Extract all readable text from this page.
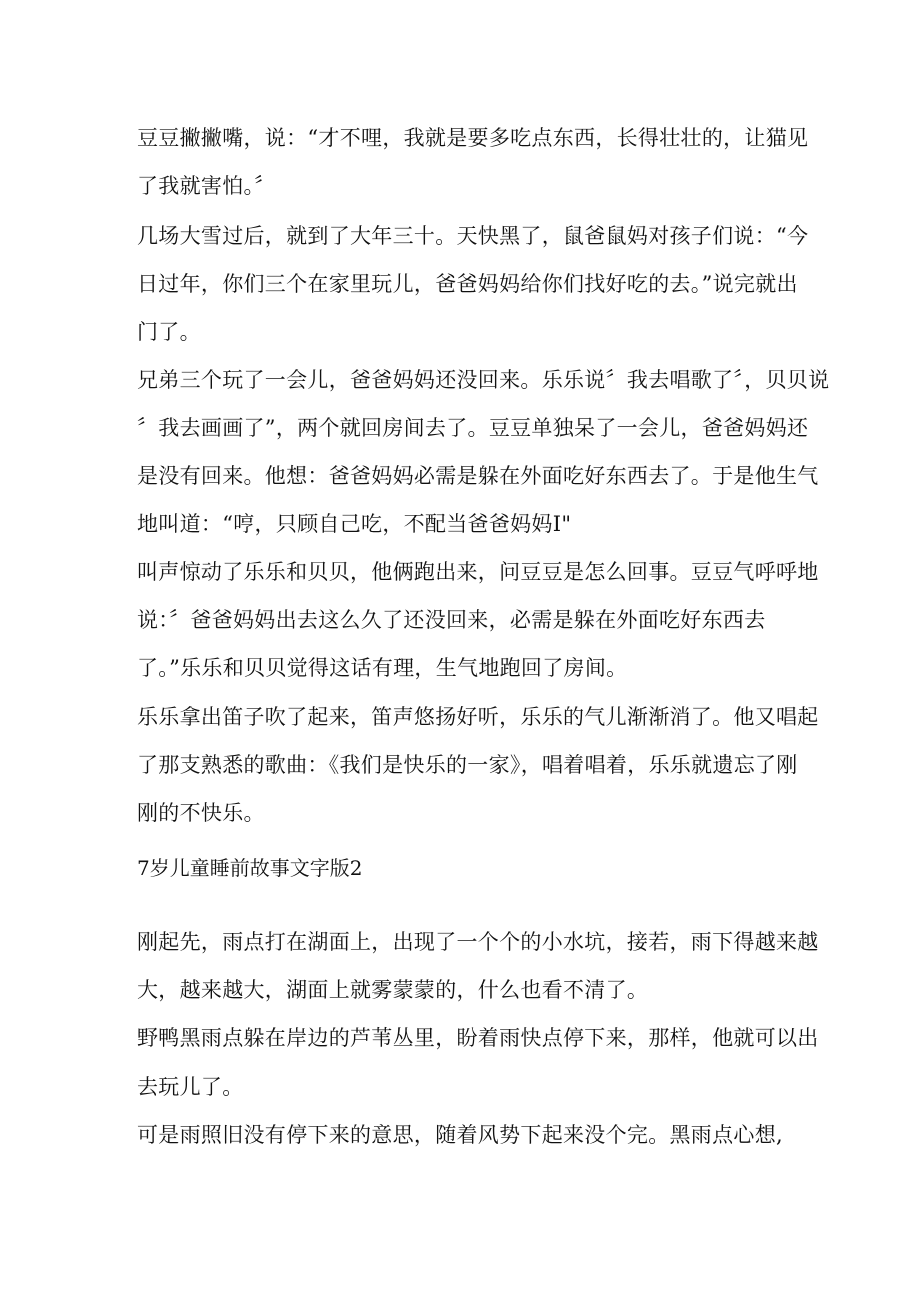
豆豆撇撇嘴，说：“才不哩，我就是要多吃点东西，长得壮壮的，让猫见
了我就害怕。〞
几场大雪过后，就到了大年三十。天快黑了，鼠爸鼠妈对孩子们说：“今
日过年，你们三个在家里玩儿，爸爸妈妈给你们找好吃的去。”说完就出
门了。
兄弟三个玩了一会儿，爸爸妈妈还没回来。乐乐说〞我去唱歌了〞，贝贝说
〞我去画画了”，两个就回房间去了。豆豆单独呆了一会儿，爸爸妈妈还
是没有回来。他想：爸爸妈妈必需是躲在外面吃好东西去了。于是他生气
地叫道：“哼，只顾自己吃，不配当爸爸妈妈I"
叫声惊动了乐乐和贝贝，他俩跑出来，问豆豆是怎么回事。豆豆气呼呼地
说：〞爸爸妈妈出去这么久了还没回来，必需是躲在外面吃好东西去
了。”乐乐和贝贝觉得这话有理，生气地跑回了房间。
乐乐拿出笛子吹了起来，笛声悠扬好听，乐乐的气儿渐渐消了。他又唱起
了那支熟悉的歌曲：《我们是快乐的一家》，唱着唱着，乐乐就遗忘了刚
刚的不快乐。
7岁儿童睡前故事文字版2
刚起先，雨点打在湖面上，出现了一个个的小水坑，接若，雨下得越来越
大，越来越大，湖面上就雾蒙蒙的，什么也看不清了。
野鸭黑雨点躲在岸边的芦苇丛里，盼着雨快点停下来，那样，他就可以出
去玩儿了。
可是雨照旧没有停下来的意思，随着风势下起来没个完。黑雨点心想,
